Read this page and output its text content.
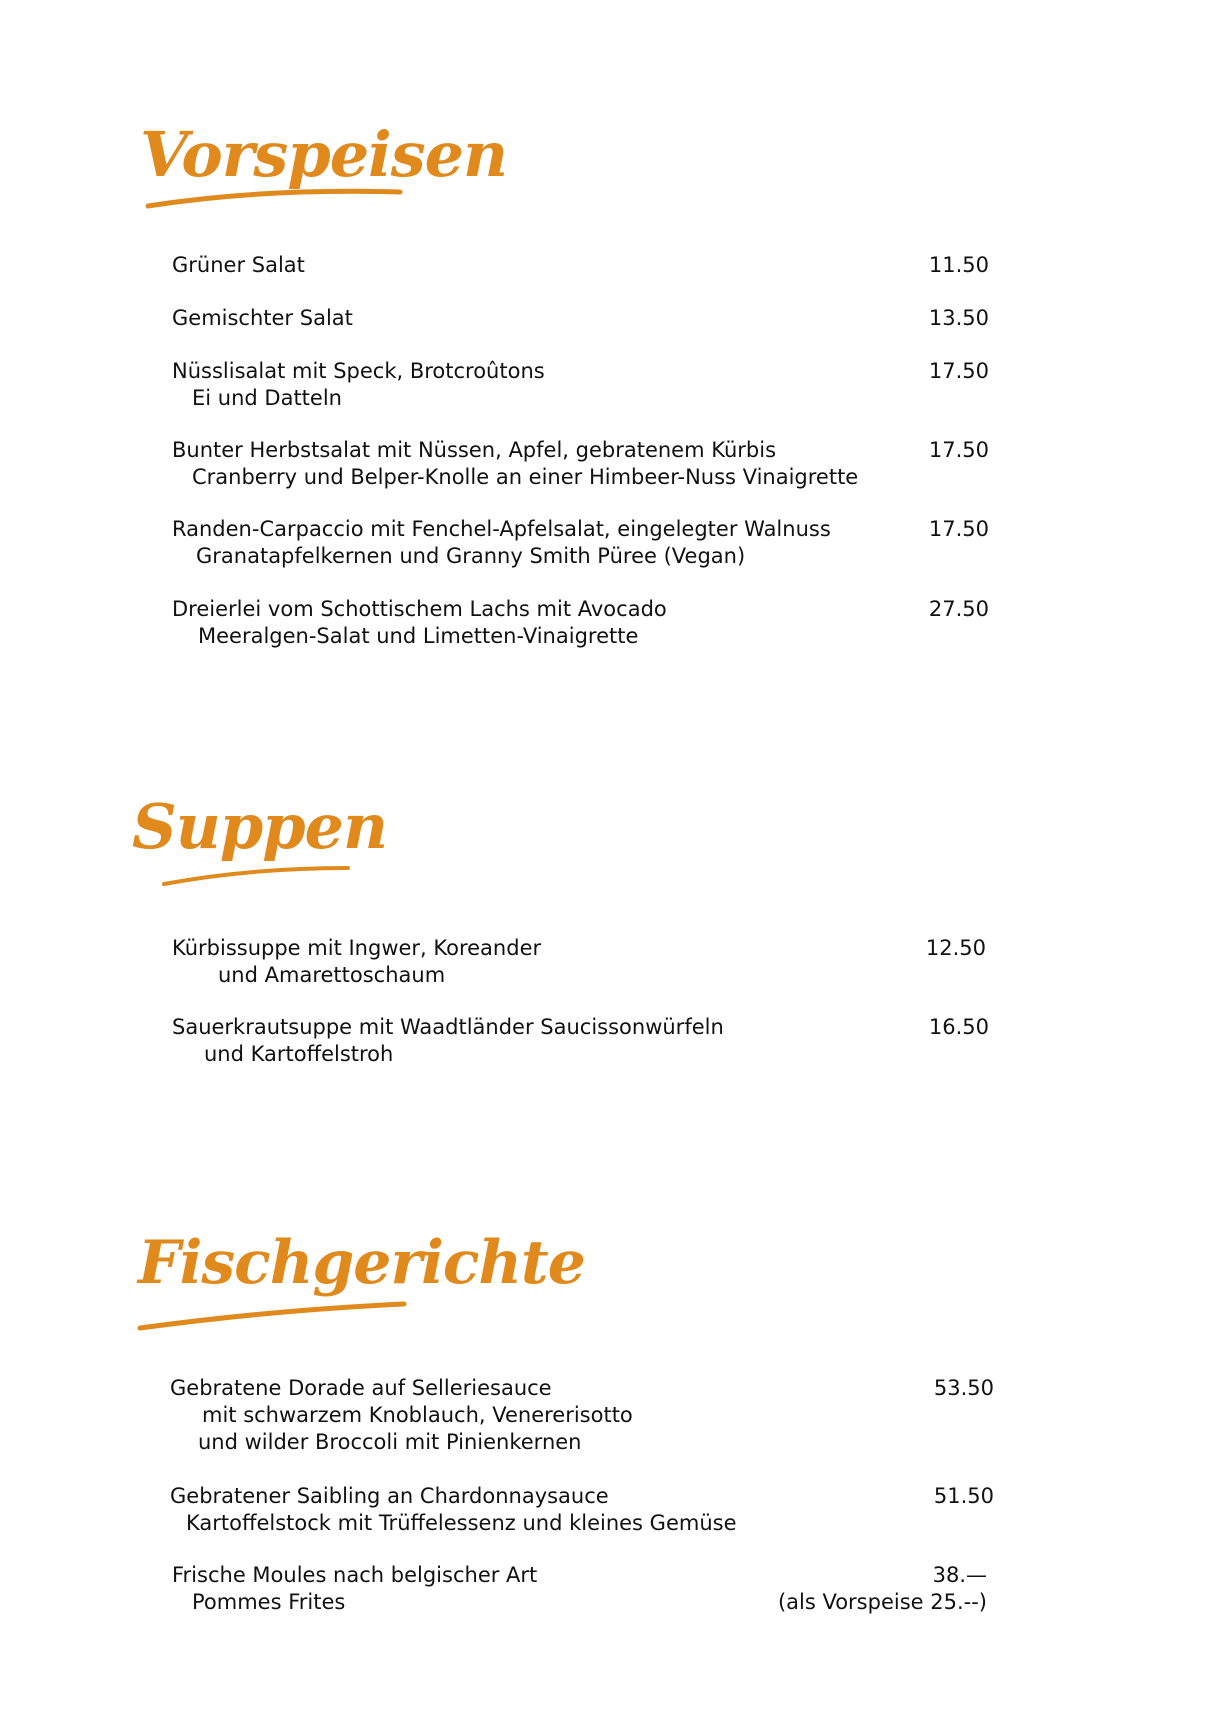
Vorspeisen
Grüner Salat	11.50
Gemischter Salat	13.50
Nüsslisalat mit Speck, Brotcroûtons
Ei und Datteln
17.50
Bunter Herbstsalat mit Nüssen, Apfel, gebratenem Kürbis
Cranberry und Belper-Knolle an einer Himbeer-Nuss Vinaigrette
17.50
Randen-Carpaccio mit Fenchel-Apfelsalat, eingelegter Walnuss
Granatapfelkernen und Granny Smith Püree (Vegan)
17.50
Dreierlei vom Schottischem Lachs mit Avocado
Meeralgen-Salat und Limetten-Vinaigrette
27.50
Suppen
Kürbissuppe mit Ingwer, Koreander
und Amarettoschaum
12.50
Sauerkrautsuppe mit Waadtländer Saucissonwürfeln
und Kartoffelstroh
16.50
Fischgerichte
Gebratene Dorade auf Selleriesauce
mit schwarzem Knoblauch, Venererisotto
und wilder Broccoli mit Pinienkernen
53.50
Gebratener Saibling an Chardonnaysauce
Kartoffelstock mit Trüffelessenz und kleines Gemüse
51.50
Frische Moules nach belgischer Art
Pommes Frites
38.—
(als Vorspeise 25.--)
